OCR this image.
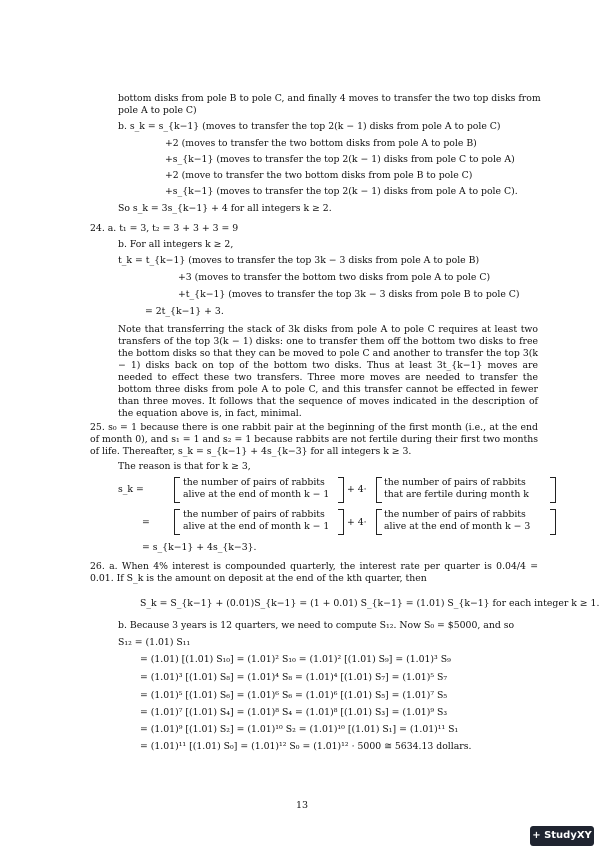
bottom disks from pole B to pole C, and finally 4 moves to transfer the two top disks from
pole A to pole C)
b. s_k = s_{k−1} (moves to transfer the top 2(k − 1) disks from pole A to pole C)
+2 (moves to transfer the two bottom disks from pole A to pole B)
+s_{k−1} (moves to transfer the top 2(k − 1) disks from pole C to pole A)
+2 (move to transfer the two bottom disks from pole B to pole C)
+s_{k−1} (moves to transfer the top 2(k − 1) disks from pole A to pole C).
So s_k = 3s_{k−1} + 4 for all integers k ≥ 2.
24. a. t₁ = 3, t₂ = 3 + 3 + 3 = 9
b. For all integers k ≥ 2,
t_k = t_{k−1} (moves to transfer the top 3k − 3 disks from pole A to pole B)
+3 (moves to transfer the bottom two disks from pole A to pole C)
+t_{k−1} (moves to transfer the top 3k − 3 disks from pole B to pole C)
= 2t_{k−1} + 3.
Note that transferring the stack of 3k disks from pole A to pole C requires at least two transfers of the top 3(k − 1) disks: one to transfer them off the bottom two disks to free the bottom disks so that they can be moved to pole C and another to transfer the top 3(k − 1) disks back on top of the bottom two disks. Thus at least 3t_{k−1} moves are needed to effect these two transfers. Three more moves are needed to transfer the bottom three disks from pole A to pole C, and this transfer cannot be effected in fewer than three moves. It follows that the sequence of moves indicated in the description of the equation above is, in fact, minimal.
25. s₀ = 1 because there is one rabbit pair at the beginning of the first month (i.e., at the end of month 0), and s₁ = 1 and s₂ = 1 because rabbits are not fertile during their first two months of life. Thereafter, s_k = s_{k−1} + 4s_{k−3} for all integers k ≥ 3.
The reason is that for k ≥ 3,
s_k =
the number of pairs of rabbits
alive at the end of month k − 1 + 4·
the number of pairs of rabbits
that are fertile during month k
=
the number of pairs of rabbits
alive at the end of month k − 1 + 4·
the number of pairs of rabbits
alive at the end of month k − 3
= s_{k−1} + 4s_{k−3}.
26. a. When 4% interest is compounded quarterly, the interest rate per quarter is 0.04/4 = 0.01. If S_k is the amount on deposit at the end of the kth quarter, then
S_k = S_{k−1} + (0.01)S_{k−1} = (1 + 0.01) S_{k−1} = (1.01) S_{k−1} for each integer k ≥ 1.
b. Because 3 years is 12 quarters, we need to compute S₁₂. Now S₀ = $5000, and so
S₁₂ = (1.01) S₁₁
= (1.01) [(1.01) S₁₀] = (1.01)² S₁₀ = (1.01)² [(1.01) S₉] = (1.01)³ S₉
= (1.01)³ [(1.01) S₈] = (1.01)⁴ S₈ = (1.01)⁴ [(1.01) S₇] = (1.01)⁵ S₇
= (1.01)⁵ [(1.01) S₆] = (1.01)⁶ S₆ = (1.01)⁶ [(1.01) S₅] = (1.01)⁷ S₅
= (1.01)⁷ [(1.01) S₄] = (1.01)⁸ S₄ = (1.01)⁸ [(1.01) S₃] = (1.01)⁹ S₃
= (1.01)⁹ [(1.01) S₂] = (1.01)¹⁰ S₂ = (1.01)¹⁰ [(1.01) S₁] = (1.01)¹¹ S₁
= (1.01)¹¹ [(1.01) S₀] = (1.01)¹² S₀ = (1.01)¹² · 5000 ≅ 5634.13 dollars.
13
+ StudyXY
